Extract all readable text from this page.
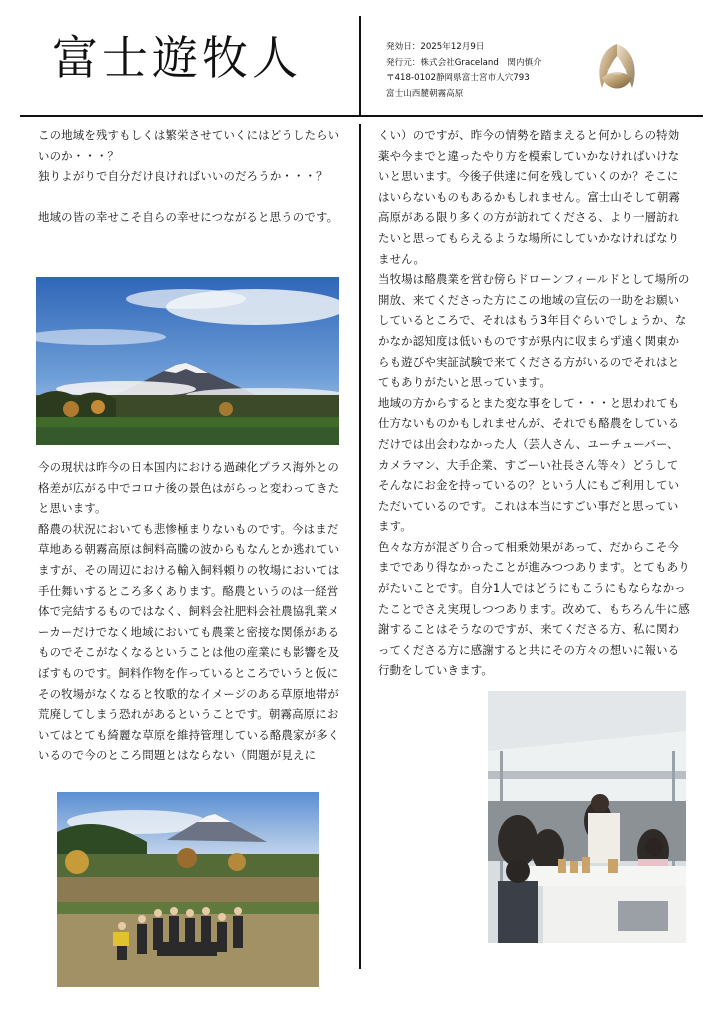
富士遊牧人	発効日：2025年12月9日
発行元：株式会社Graceland　関内慎介
〒418-0102静岡県富士宮市人穴793
富士山西麓朝霧高原

この地域を残すもしくは繁栄させていくにはどうしたらいいのか・・・？

独りよがりで自分だけ良ければいいのだろうか・・・？

地域の皆の幸せこそ自らの幸せにつながると思うのです。

今の現状は昨今の日本国内における過疎化プラス海外との格差が広がる中でコロナ後の景色はがらっと変わってきたと思います。

酪農の状況においても悲惨極まりないものです。今はまだ草地ある朝霧高原は飼料高騰の波からもなんとか逃れていますが、その周辺における輸入飼料頼りの牧場においては手仕舞いするところ多くあります。酪農というのは一経営体で完結するものではなく、飼料会社肥料会社農協乳業メーカーだけでなく地域においても農業と密接な関係があるものでそこがなくなるということは他の産業にも影響を及ぼすものです。飼料作物を作っているところでいうと仮にその牧場がなくなると牧歌的なイメージのある草原地帯が荒廃してしまう恐れがあるということです。朝霧高原においてはとても綺麗な草原を維持管理している酪農家が多くいるので今のところ問題とはならない（問題が見えに

くい）のですが、昨今の情勢を踏まえると何かしらの特効薬や今までと違ったやり方を模索していかなければいけないと思います。今後子供達に何を残していくのか？そこにはいらないものもあるかもしれません。富士山そして朝霧高原がある限り多くの方が訪れてくださる、より一層訪れたいと思ってもらえるような場所にしていかなければなりません。

当牧場は酪農業を営む傍らドローンフィールドとして場所の開放、来てくださった方にこの地域の宣伝の一助をお願いしているところで、それはもう3年目ぐらいでしょうか、なかなか認知度は低いものですが県内に収まらず遠く関東からも遊びや実証試験で来てくださる方がいるのでそれはとてもありがたいと思っています。

地域の方からするとまた変な事をして・・・と思われても仕方ないものかもしれませんが、それでも酪農をしているだけでは出会わなかった人（芸人さん、ユーチューバー、カメラマン、大手企業、すごーい社長さん等々）どうしてそんなにお金を持っているの？という人にもご利用していただいているのです。これは本当にすごい事だと思っています。

色々な方が混ざり合って相乗効果があって、だからこそ今までであり得なかったことが進みつつあります。とてもありがたいことです。自分1人ではどうにもこうにもならなかったことでさえ実現しつつあります。改めて、もちろん牛に感謝することはそうなのですが、来てくださる方、私に関わってくださる方に感謝すると共にその方々の想いに報いる行動をしていきます。
